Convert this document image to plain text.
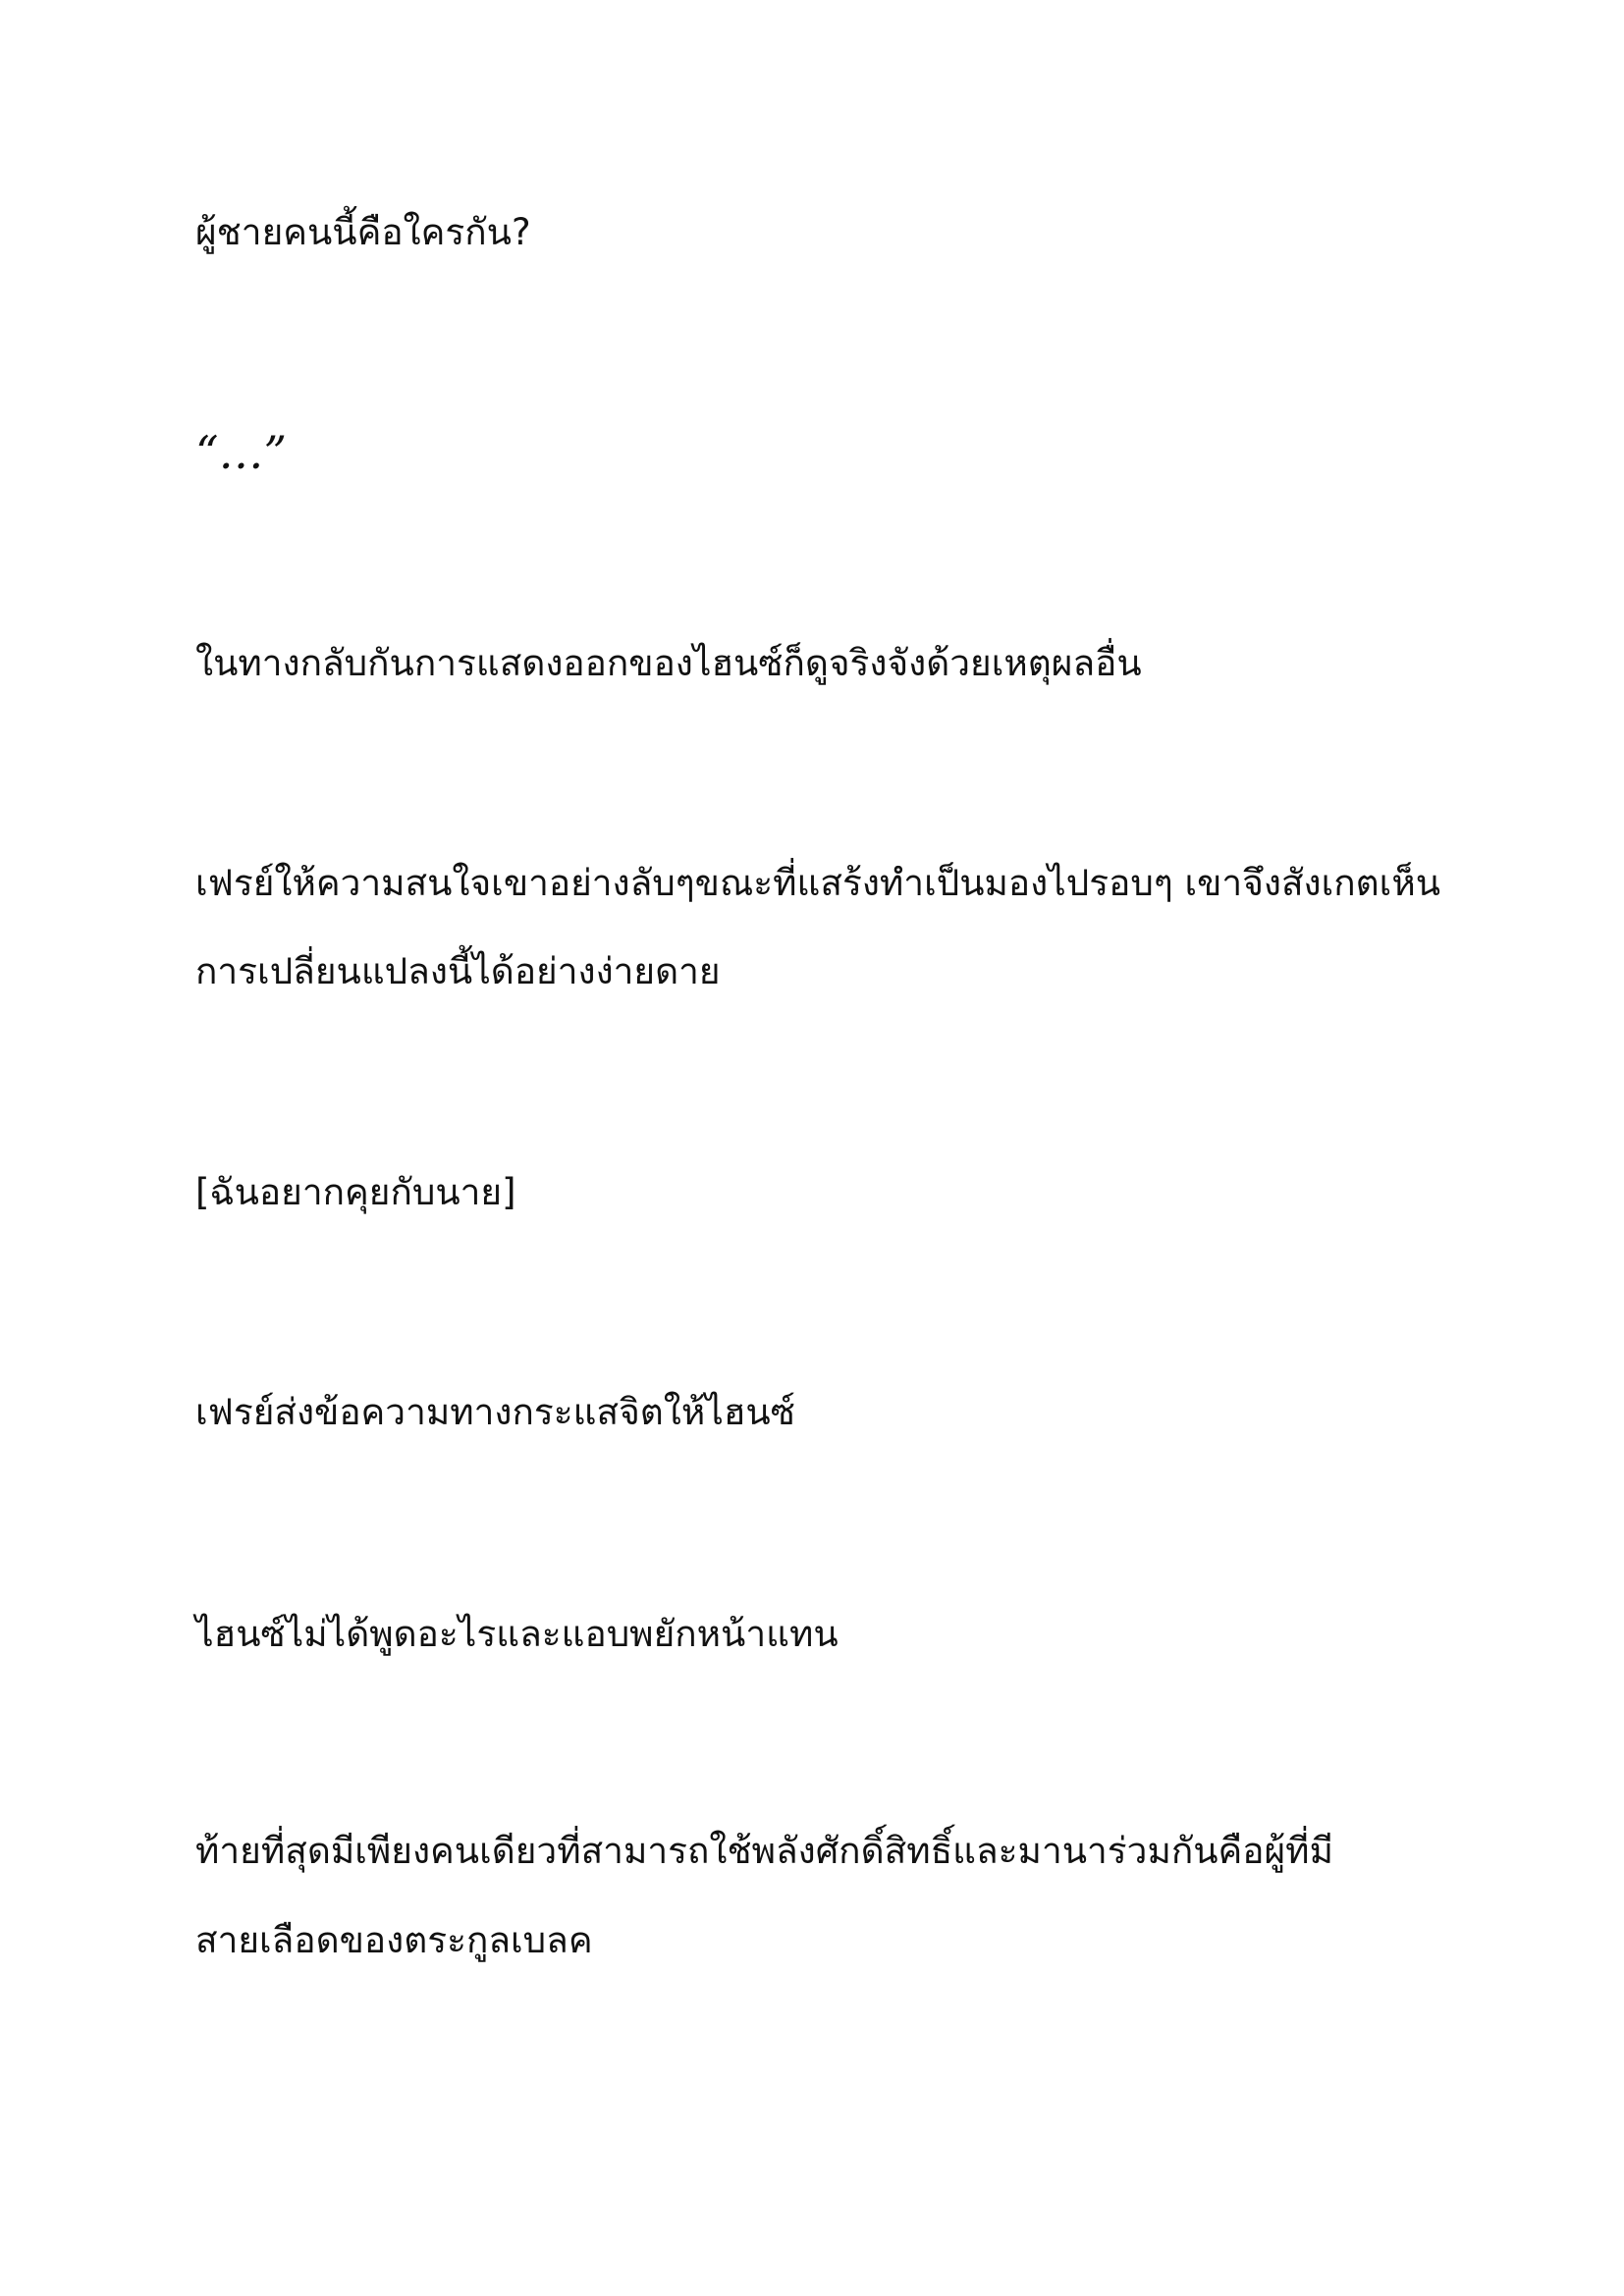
ผู้ชายคนนี้คือใครกัน?
“…”
ในทางกลับกันการแสดงออกของไฮนซ์ก็ดูจริงจังด้วยเหตุผลอื่น
เฟรย์ให้ความสนใจเขาอย่างลับๆขณะที่แสร้งทำเป็นมองไปรอบๆ เขาจึงสังเกตเห็น
การเปลี่ยนแปลงนี้ได้อย่างง่ายดาย
[ฉันอยากคุยกับนาย]
เฟรย์ส่งข้อความทางกระแสจิตให้ไฮนซ์
ไฮนซ์ไม่ได้พูดอะไรและแอบพยักหน้าแทน
ท้ายที่สุดมีเพียงคนเดียวที่สามารถใช้พลังศักดิ์สิทธิ์และมานาร่วมกันคือผู้ที่มี
สายเลือดของตระกูลเบลค
